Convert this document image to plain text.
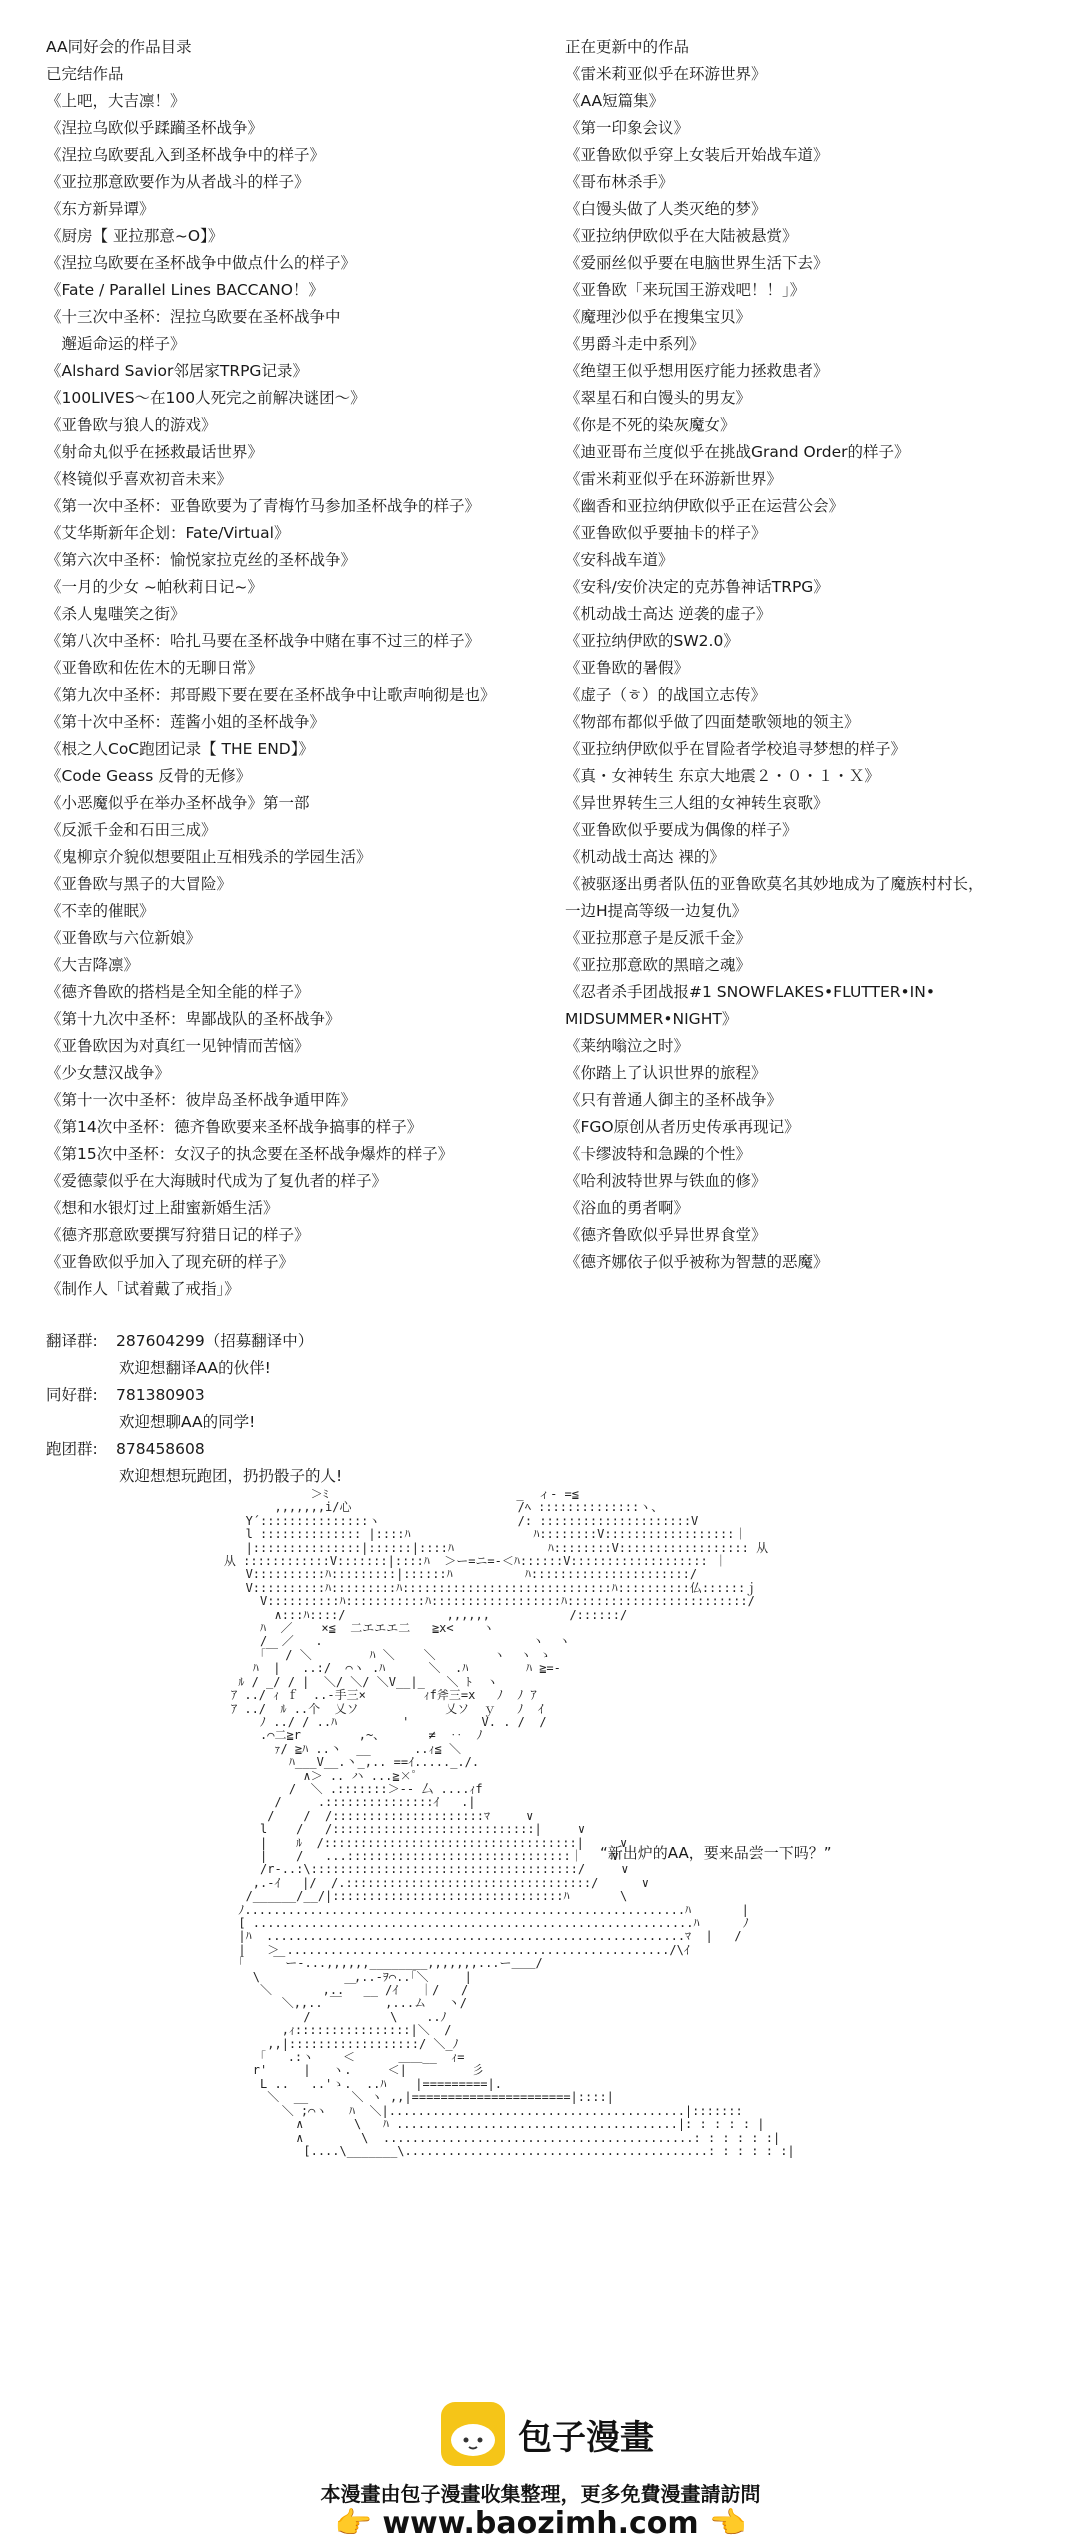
AA同好会的作品目录
已完结作品
《上吧，大吉凛！》
《涅拉乌欧似乎蹂躏圣杯战争》
《涅拉乌欧要乱入到圣杯战争中的样子》
《亚拉那意欧要作为从者战斗的样子》
《东方新异谭》
《厨房【 亚拉那意~O】》
《涅拉乌欧要在圣杯战争中做点什么的样子》
《Fate / Parallel Lines BACCANO！》
《十三次中圣杯：涅拉乌欧要在圣杯战争中
　邂逅命运的样子》
《Alshard Savior邻居家TRPG记录》
《100LIVES～在100人死完之前解决谜团～》
《亚鲁欧与狼人的游戏》
《射命丸似乎在拯救最话世界》
《柊镜似乎喜欢初音未来》
《第一次中圣杯：亚鲁欧要为了青梅竹马参加圣杯战争的样子》
《艾华斯新年企划：Fate/Virtual》
《第六次中圣杯：愉悦家拉克丝的圣杯战争》
《一月的少女 ~帕秋莉日记~》
《杀人鬼嗤笑之街》
《第八次中圣杯：哈扎马要在圣杯战争中赌在事不过三的样子》
《亚鲁欧和佐佐木的无聊日常》
《第九次中圣杯：邦哥殿下要在要在圣杯战争中让歌声响彻是也》
《第十次中圣杯：莲酱小姐的圣杯战争》
《根之人CoC跑团记录【 THE END】》
《Code Geass 反骨的无修》
《小恶魔似乎在举办圣杯战争》第一部
《反派千金和石田三成》
《鬼柳京介貌似想要阻止互相残杀的学园生活》
《亚鲁欧与黑子的大冒险》
《不幸的催眠》
《亚鲁欧与六位新娘》
《大吉降凛》
《德齐鲁欧的搭档是全知全能的样子》
《第十九次中圣杯：卑鄙战队的圣杯战争》
《亚鲁欧因为对真红一见钟情而苦恼》
《少女慧汉战争》
《第十一次中圣杯：彼岸岛圣杯战争遁甲阵》
《第14次中圣杯：德齐鲁欧要来圣杯战争搞事的样子》
《第15次中圣杯：女汉子的执念要在圣杯战争爆炸的样子》
《爱德蒙似乎在大海賊时代成为了复仇者的样子》
《想和水银灯过上甜蜜新婚生活》
《德齐那意欧要撰写狩猎日记的样子》
《亚鲁欧似乎加入了现充研的样子》
《制作人「试着戴了戒指」》
正在更新中的作品
《雷米莉亚似乎在环游世界》
《AA短篇集》
《第一印象会议》
《亚鲁欧似乎穿上女装后开始战车道》
《哥布林杀手》
《白馒头做了人类灭绝的梦》
《亚拉纳伊欧似乎在大陆被悬赏》
《爱丽丝似乎要在电脑世界生活下去》
《亚鲁欧「来玩国王游戏吧！！」》
《魔理沙似乎在搜集宝贝》
《男爵斗走中系列》
《绝望王似乎想用医疗能力拯救患者》
《翠星石和白馒头的男友》
《你是不死的染灰魔女》
《迪亚哥布兰度似乎在挑战Grand Order的样子》
《雷米莉亚似乎在环游新世界》
《幽香和亚拉纳伊欧似乎正在运营公会》
《亚鲁欧似乎要抽卡的样子》
《安科战车道》
《安科/安价决定的克苏鲁神话TRPG》
《机动战士高达 逆袭的虚子》
《亚拉纳伊欧的SW2.0》
《亚鲁欧的暑假》
《虚子（ㅎ）的战国立志传》
《物部布都似乎做了四面楚歌领地的领主》
《亚拉纳伊欧似乎在冒险者学校追寻梦想的样子》
《真・女神转生 东京大地震２・０・１・Ｘ》
《异世界转生三人组的女神转生哀歌》
《亚鲁欧似乎要成为偶像的样子》
《机动战士高达 裸的》
《被驱逐出勇者队伍的亚鲁欧莫名其妙地成为了魔族村村长，
一边H提高等级一边复仇》
《亚拉那意子是反派千金》
《亚拉那意欧的黑暗之魂》
《忍者杀手团战报#1 SNOWFLAKES•FLUTTER•IN•
MIDSUMMER•NIGHT》
《莱纳嗡泣之时》
《你踏上了认识世界的旅程》
《只有普通人御主的圣杯战争》
《FGO原创从者历史传承再现记》
《卡缪波特和急躁的个性》
《哈利波特世界与铁血的修》
《浴血的勇者啊》
《德齐鲁欧似乎异世界食堂》
《德齐娜依子似乎被称为智慧的恶魔》
翻译群: 287604299（招募翻译中）
欢迎想翻译AA的伙伴!
同好群: 781380903
欢迎想聊AA的同学!
跑团群: 878458608
欢迎想想玩跑团，扔扔骰子的人!
＞ﾐ                          _  ィ- =≦
,,,,,,,i/心                       /ﾍ ::::::::::::::ヽ、
Y´:::::::::::::::ヽ                   /: :::::::::::::::::::::V
l :::::::::::::: |::::ﾊ                 ﾊ::::::::V::::::::::::::::::｜
|:::::::::::::::|::::::|::::ﾊ             ﾊ::::::::V:::::::::::::::::: 从
从 ::::::::::::V:::::::|::::ﾊ  ＞ー=ニ=-＜ﾊ::::::V::::::::::::::::::: ｜
V::::::::::ﾊ:::::::::|::::::ﾊ          ﾊ::::::::::::::::::::::/
V::::::::::ﾊ:::::::::ﾊ:::::::::::::::::::::::::::::ﾊ::::::::::仏::::::ｊ
V::::::::::ﾊ:::::::::::ﾊ::::::::::::::::::ﾊ:::::::::::::::::::::::::/
∧:::ﾊ::::/              ,,,,,,           /::::::/
ﾊ  ／    ×≦  二エエエ二   ≧x<    ヽ
/  ／   .                             ヽ  ヽ
｢￣ / ＼        ﾊ ＼    ＼        ヽ  ヽ ゝ
ﾊ  |   ..:/  ⌒ヽ .ﾊ      ＼  .ﾊ        ﾊ ≧=-
ﾙ / _/ / |  ＼/ ＼/ ＼V__|_   ＼ ﾄ  ヽ
ｱ ../ ｨ ｆ  ..-手三×        ｨf斧三=x   ﾉ  ﾉ ｱ
ｱ ../  ﾙ ..个  乂ソ            乂ソ  ｙ   ﾉ  ｲ
ﾉ ../ / ..ﾊ         '          V. . /  /
.⌒二≧r        ,~、      ≠  ‥  ﾉ
ｧ/ ≧ﾊ ..丶  __      ..ｨ≦ ＼
ﾊ___V__.丶_,.. ==ｲ....._./.
∧＞ .. ハ ...≧×ﾟ
/  ＼ .:::::::＞-- 厶 ....ｨf
/     .:::::::::::::::ｲ   .|
/    /  /:::::::::::::::::::::ﾏ     ∨
l    /   /::::::::::::::::::::::::::::|     ∨
|    ﾙ  /:::::::::::::::::::::::::::::::::::|     ∨
|    /   ...:::::::::::::::::::::::::::::::｜    ∨
/r-..:\:::::::::::::::::::::::::::::::::::::/     ∨
,.-ｲ   |/  /.::::::::::::::::::::::::::::::::::/      ∨
/______/__/|::::::::::::::::::::::::::::::::ﾊ       \
ﾉ.............................................................ﾊ       |
[ .............................................................ﾊ      ﾉ
|ﾊ  ..........................................................ﾏ  |   /
|   ＞ ...................................................../\ｲ
｢    ￣ー-...,,,,,,________,,,,,,,...ー＿＿/
\             ,..-ｦ⌒..｢＼     |
＼       ,..￣ __ /ｲ   ｜/   /
＼,,.. ￣      ,...ム   丶/
/           \    ..ﾉ
,ｨ::::::::::::::::|＼  /
,,|::::::::::::::::::/ ＼_ﾉ
｢   .:ヽ    ＜      ＿＿__  ｨ=
r'     |   ヽ.     ＜|         彡
L ..   ..'ゝ.  ..ﾊ    |=========|.
＼  __      ＼ ヽ ,,|======================|::::|
＼ ;⌒ヽ   ﾊ  ＼|.........................................|:::::::
∧       \   ﾊ .......................................|: : : : : |
∧        \  ...........................................: : : : : :|
[....\_______\..........................................: : : : : :|
“新出炉的AA，要来品尝一下吗？”
包子漫畫
本漫畫由包子漫畫收集整理，更多免費漫畫請訪問
👉 www.baozimh.com 👈
